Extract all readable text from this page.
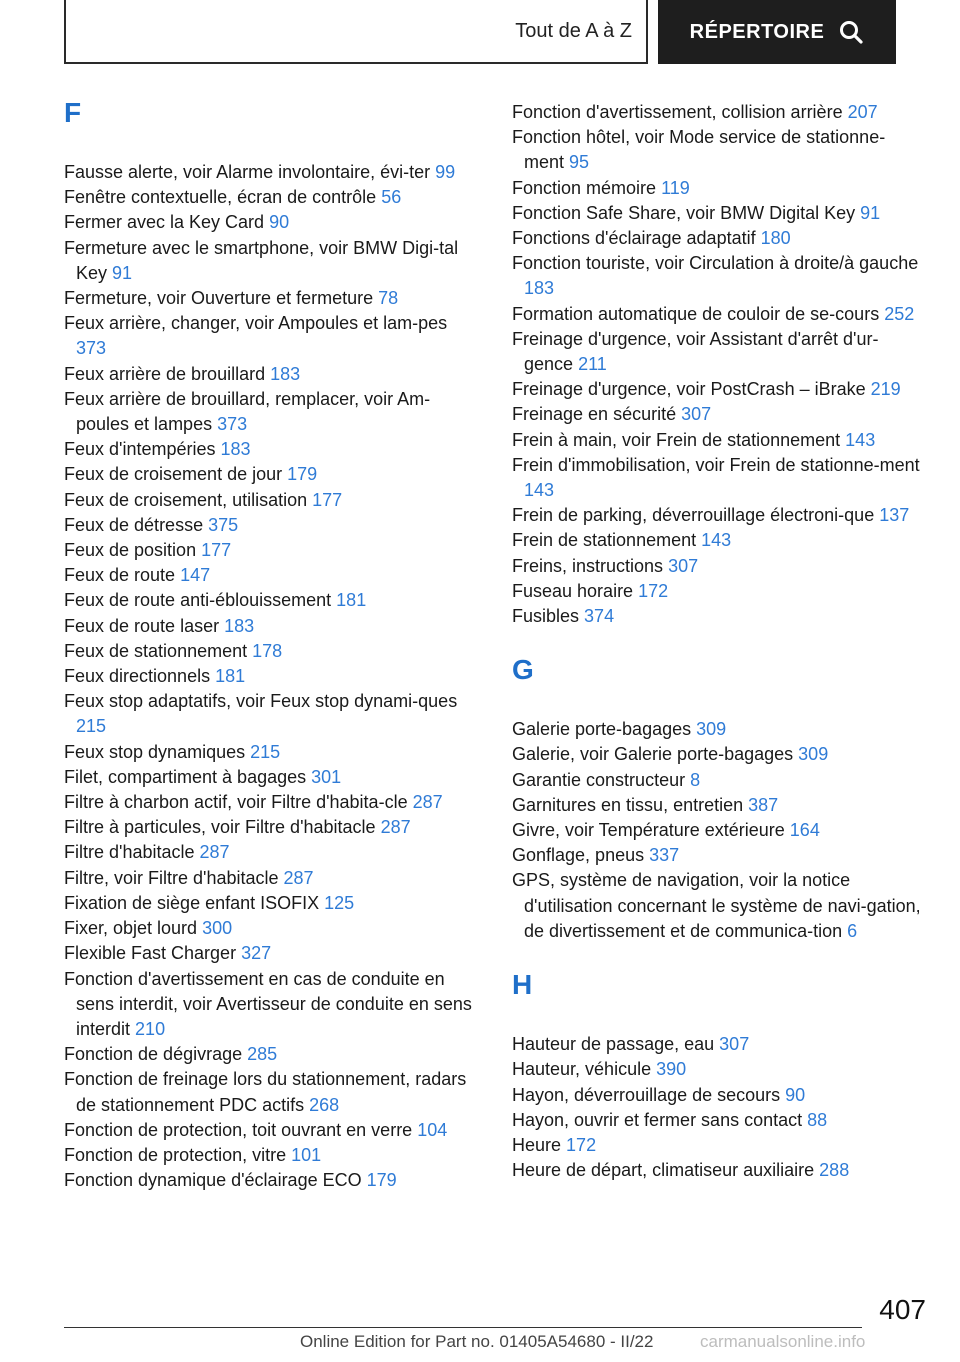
Tout de A à Z	RÉPERTOIRE
F
Fausse alerte, voir Alarme involontaire, évi-ter 99
Fenêtre contextuelle, écran de contrôle 56
Fermer avec la Key Card 90
Fermeture avec le smartphone, voir BMW Digi-tal Key 91
Fermeture, voir Ouverture et fermeture 78
Feux arrière, changer, voir Ampoules et lam-pes 373
Feux arrière de brouillard 183
Feux arrière de brouillard, remplacer, voir Am-poules et lampes 373
Feux d'intempéries 183
Feux de croisement de jour 179
Feux de croisement, utilisation 177
Feux de détresse 375
Feux de position 177
Feux de route 147
Feux de route anti-éblouissement 181
Feux de route laser 183
Feux de stationnement 178
Feux directionnels 181
Feux stop adaptatifs, voir Feux stop dynami-ques 215
Feux stop dynamiques 215
Filet, compartiment à bagages 301
Filtre à charbon actif, voir Filtre d'habita-cle 287
Filtre à particules, voir Filtre d'habitacle 287
Filtre d'habitacle 287
Filtre, voir Filtre d'habitacle 287
Fixation de siège enfant ISOFIX 125
Fixer, objet lourd 300
Flexible Fast Charger 327
Fonction d'avertissement en cas de conduite en sens interdit, voir Avertisseur de conduite en sens interdit 210
Fonction de dégivrage 285
Fonction de freinage lors du stationnement, radars de stationnement PDC actifs 268
Fonction de protection, toit ouvrant en verre 104
Fonction de protection, vitre 101
Fonction dynamique d'éclairage ECO 179
Fonction d'avertissement, collision arrière 207
Fonction hôtel, voir Mode service de stationne-ment 95
Fonction mémoire 119
Fonction Safe Share, voir BMW Digital Key 91
Fonctions d'éclairage adaptatif 180
Fonction touriste, voir Circulation à droite/à gauche 183
Formation automatique de couloir de se-cours 252
Freinage d'urgence, voir Assistant d'arrêt d'ur-gence 211
Freinage d'urgence, voir PostCrash – iBrake 219
Freinage en sécurité 307
Frein à main, voir Frein de stationnement 143
Frein d'immobilisation, voir Frein de stationne-ment 143
Frein de parking, déverrouillage électroni-que 137
Frein de stationnement 143
Freins, instructions 307
Fuseau horaire 172
Fusibles 374
G
Galerie porte-bagages 309
Galerie, voir Galerie porte-bagages 309
Garantie constructeur 8
Garnitures en tissu, entretien 387
Givre, voir Température extérieure 164
Gonflage, pneus 337
GPS, système de navigation, voir la notice d'utilisation concernant le système de navi-gation, de divertissement et de communica-tion 6
H
Hauteur de passage, eau 307
Hauteur, véhicule 390
Hayon, déverrouillage de secours 90
Hayon, ouvrir et fermer sans contact 88
Heure 172
Heure de départ, climatiseur auxiliaire 288
407
Online Edition for Part no. 01405A54680 - II/22	carmanualsonline.info
